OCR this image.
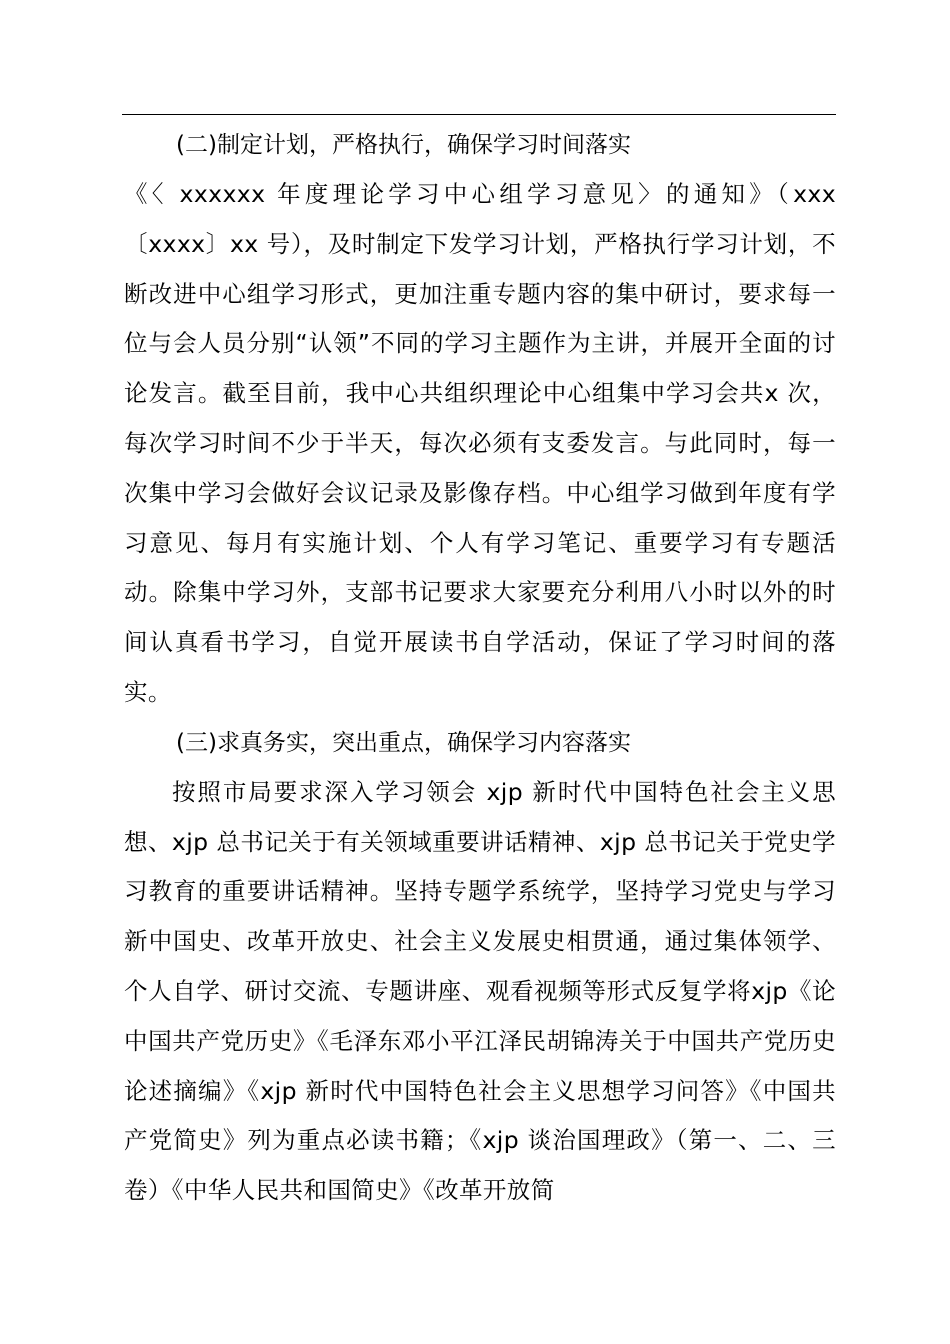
(二)制定计划，严格执行，确保学习时间落实

《〈 xxxxxx 年度理论学习中心组学习意见〉的通知》（xxx〔xxxx〕xx 号），及时制定下发学习计划，严格执行学习计划，不断改进中心组学习形式，更加注重专题内容的集中研讨，要求每一位与会人员分别“认领”不同的学习主题作为主讲，并展开全面的讨论发言。截至目前，我中心共组织理论中心组集中学习会共x 次，每次学习时间不少于半天，每次必须有支委发言。与此同时，每一次集中学习会做好会议记录及影像存档。中心组学习做到年度有学习意见、每月有实施计划、个人有学习笔记、重要学习有专题活动。除集中学习外，支部书记要求大家要充分利用八小时以外的时间认真看书学习，自觉开展读书自学活动，保证了学习时间的落实。

(三)求真务实，突出重点，确保学习内容落实

按照市局要求深入学习领会 xjp 新时代中国特色社会主义思想、xjp 总书记关于有关领域重要讲话精神、xjp 总书记关于党史学习教育的重要讲话精神。坚持专题学系统学，坚持学习党史与学习新中国史、改革开放史、社会主义发展史相贯通，通过集体领学、个人自学、研讨交流、专题讲座、观看视频等形式反复学将xjp《论中国共产党历史》《毛泽东邓小平江泽民胡锦涛关于中国共产党历史论述摘编》《xjp 新时代中国特色社会主义思想学习问答》《中国共产党简史》列为重点必读书籍；《xjp 谈治国理政》（第一、二、三卷）《中华人民共和国简史》《改革开放简
